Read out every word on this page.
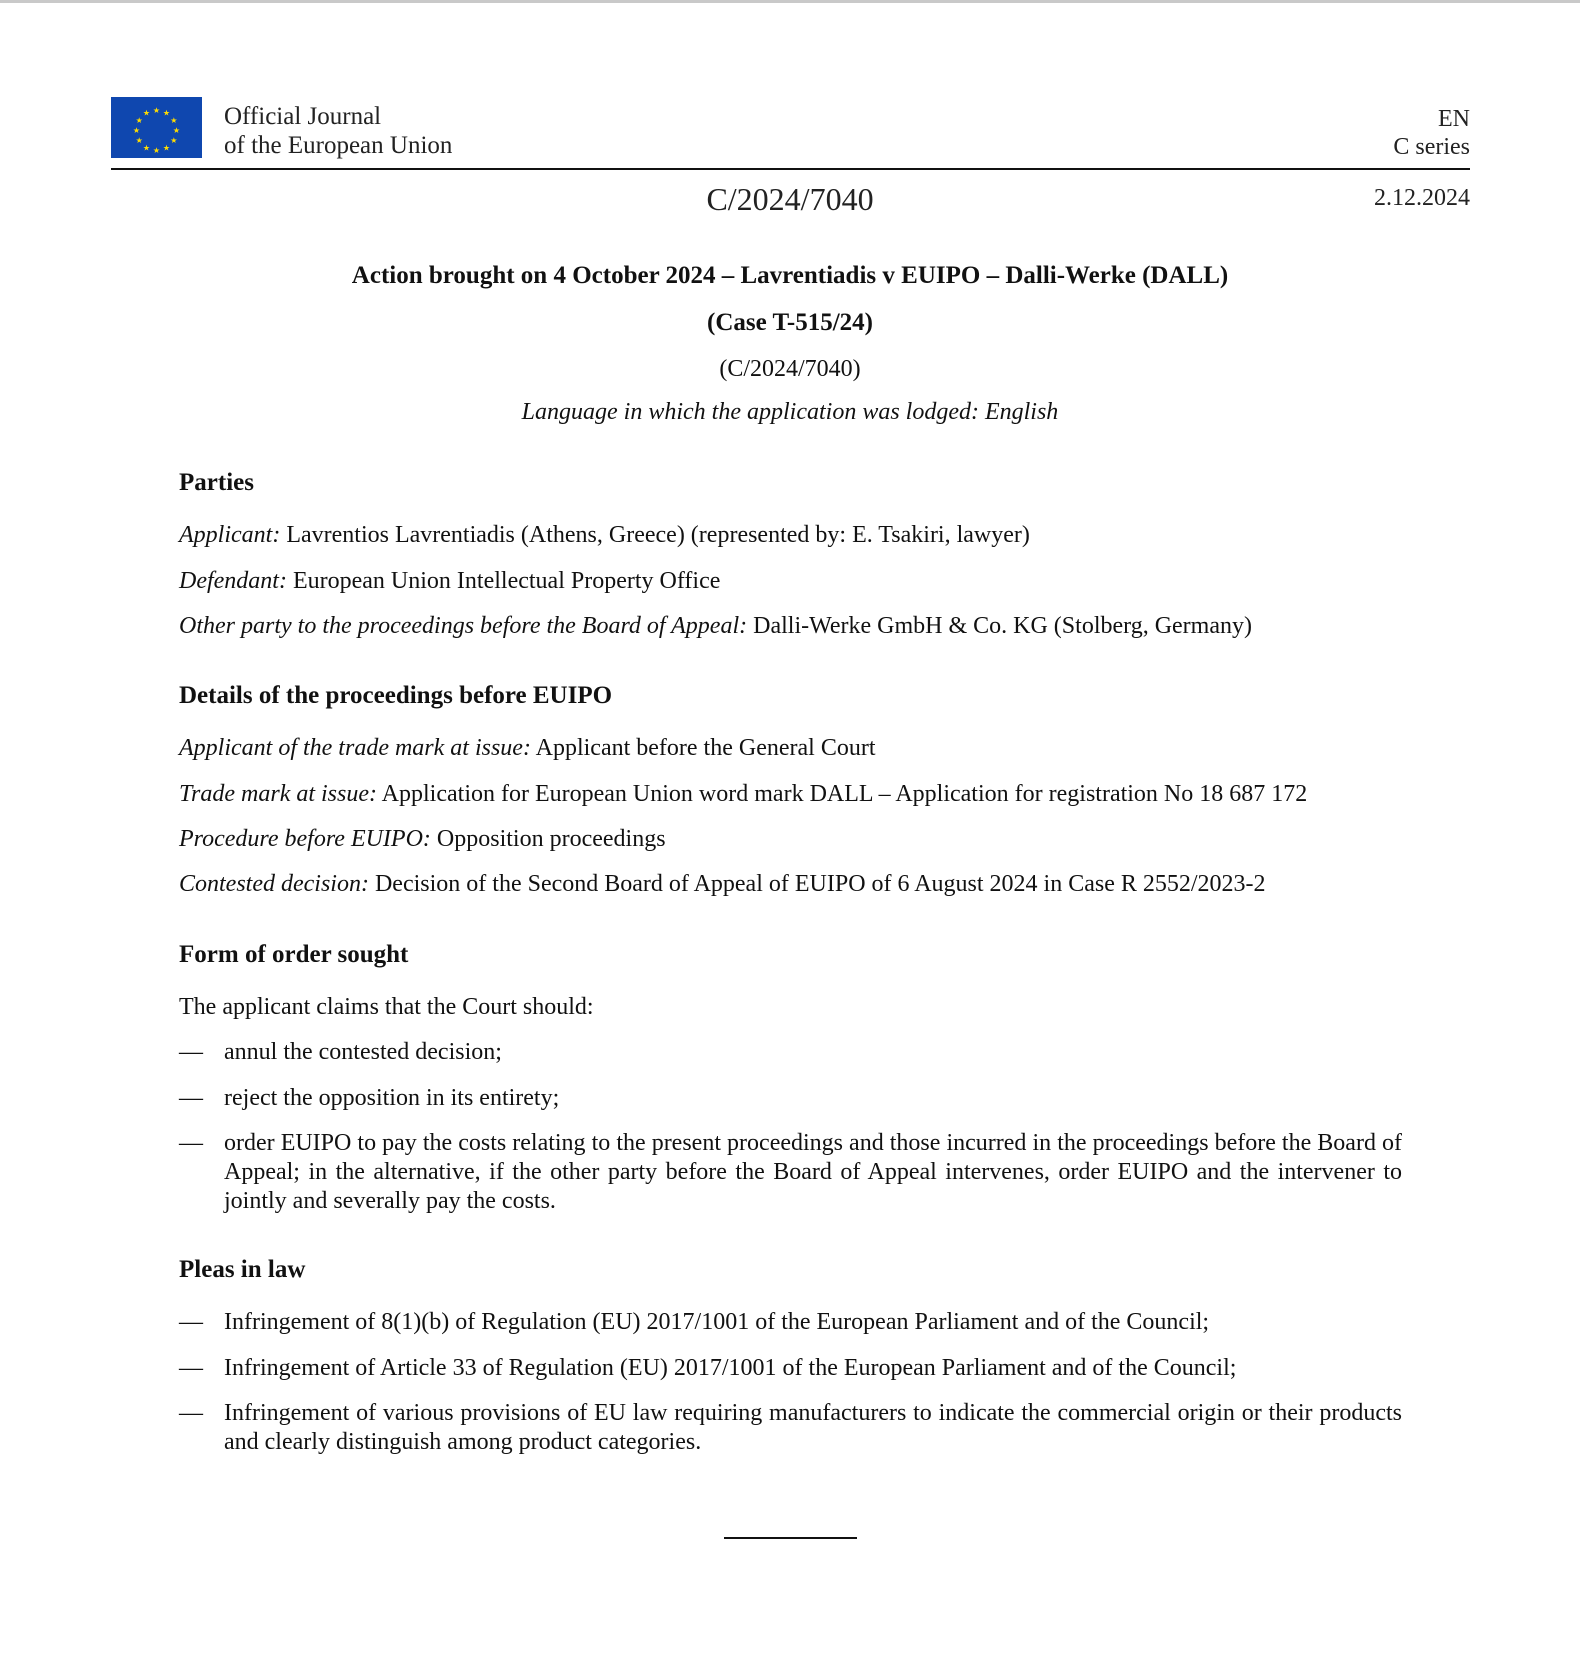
★ ★
★
★
★
★
★
★
★
★
★
★	Official Journal
of the European Union
EN
C series
C/2024/7040	2.12.2024
Action brought on 4 October 2024 – Lavrentiadis v EUIPO – Dalli-Werke (DALL)
(Case T-515/24)
(C/2024/7040)
Language in which the application was lodged: English

Parties

Applicant: Lavrentios Lavrentiadis (Athens, Greece) (represented by: E. Tsakiri, lawyer)

Defendant: European Union Intellectual Property Office

Other party to the proceedings before the Board of Appeal: Dalli-Werke GmbH & Co. KG (Stolberg, Germany)

Details of the proceedings before EUIPO

Applicant of the trade mark at issue: Applicant before the General Court

Trade mark at issue: Application for European Union word mark DALL – Application for registration No 18 687 172

Procedure before EUIPO: Opposition proceedings

Contested decision: Decision of the Second Board of Appeal of EUIPO of 6 August 2024 in Case R 2552/2023-2

Form of order sought

The applicant claims that the Court should:

— annul the contested decision;
— reject the opposition in its entirety;
— order EUIPO to pay the costs relating to the present proceedings and those incurred in the proceedings before the Board of Appeal; in the alternative, if the other party before the Board of Appeal intervenes, order EUIPO and the intervener to jointly and severally pay the costs.

Pleas in law

— Infringement of 8(1)(b) of Regulation (EU) 2017/1001 of the European Parliament and of the Council;
— Infringement of Article 33 of Regulation (EU) 2017/1001 of the European Parliament and of the Council;
— Infringement of various provisions of EU law requiring manufacturers to indicate the commercial origin or their products and clearly distinguish among product categories.
